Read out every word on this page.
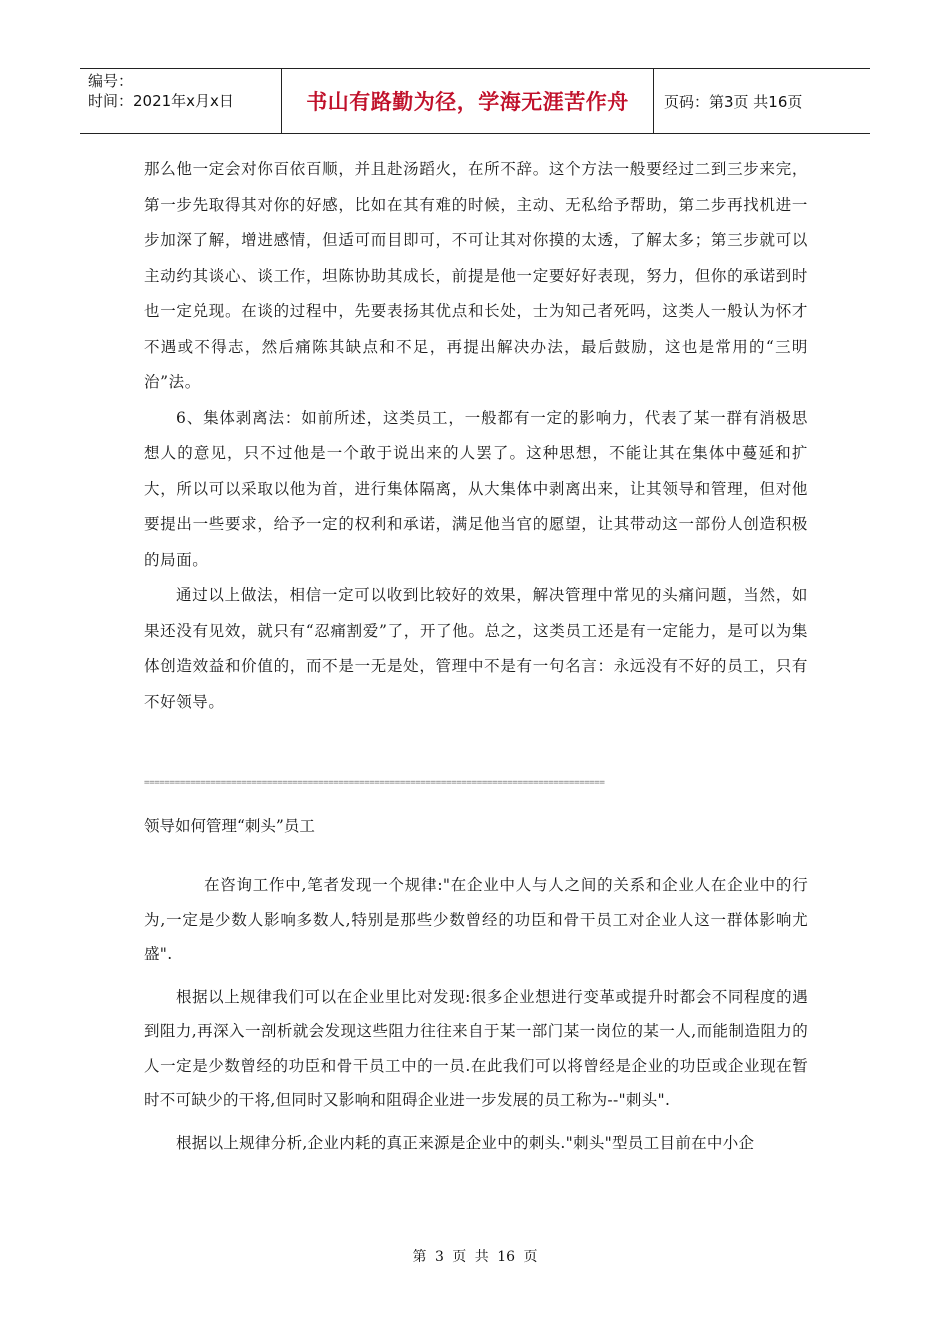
编号：
时间：2021年x月x日	书山有路勤为径，学海无涯苦作舟	页码：第3页 共16页

那么他一定会对你百依百顺，并且赴汤蹈火，在所不辞。这个方法一般要经过二到三步来完，第一步先取得其对你的好感，比如在其有难的时候，主动、无私给予帮助，第二步再找机进一步加深了解，增进感情，但适可而目即可，不可让其对你摸的太透，了解太多；第三步就可以主动约其谈心、谈工作，坦陈协助其成长，前提是他一定要好好表现，努力，但你的承诺到时也一定兑现。在谈的过程中，先要表扬其优点和长处，士为知己者死吗，这类人一般认为怀才不遇或不得志，然后痛陈其缺点和不足，再提出解决办法，最后鼓励，这也是常用的“三明治”法。

6、集体剥离法：如前所述，这类员工，一般都有一定的影响力，代表了某一群有消极思想人的意见，只不过他是一个敢于说出来的人罢了。这种思想，不能让其在集体中蔓延和扩大，所以可以采取以他为首，进行集体隔离，从大集体中剥离出来，让其领导和管理，但对他要提出一些要求，给予一定的权利和承诺，满足他当官的愿望，让其带动这一部份人创造积极的局面。

通过以上做法，相信一定可以收到比较好的效果，解决管理中常见的头痛问题，当然，如果还没有见效，就只有“忍痛割爱”了，开了他。总之，这类员工还是有一定能力，是可以为集体创造效益和价值的，而不是一无是处，管理中不是有一句名言：永远没有不好的员工，只有不好领导。

==========================================================================================
领导如何管理“刺头”员工

在咨询工作中,笔者发现一个规律:"在企业中人与人之间的关系和企业人在企业中的行为,一定是少数人影响多数人,特别是那些少数曾经的功臣和骨干员工对企业人这一群体影响尤盛".

根据以上规律我们可以在企业里比对发现:很多企业想进行变革或提升时都会不同程度的遇到阻力,再深入一剖析就会发现这些阻力往往来自于某一部门某一岗位的某一人,而能制造阻力的人一定是少数曾经的功臣和骨干员工中的一员.在此我们可以将曾经是企业的功臣或企业现在暂时不可缺少的干将,但同时又影响和阻碍企业进一步发展的员工称为--"刺头".

根据以上规律分析,企业内耗的真正来源是企业中的刺头."刺头"型员工目前在中小企

第 3 页 共 16 页
